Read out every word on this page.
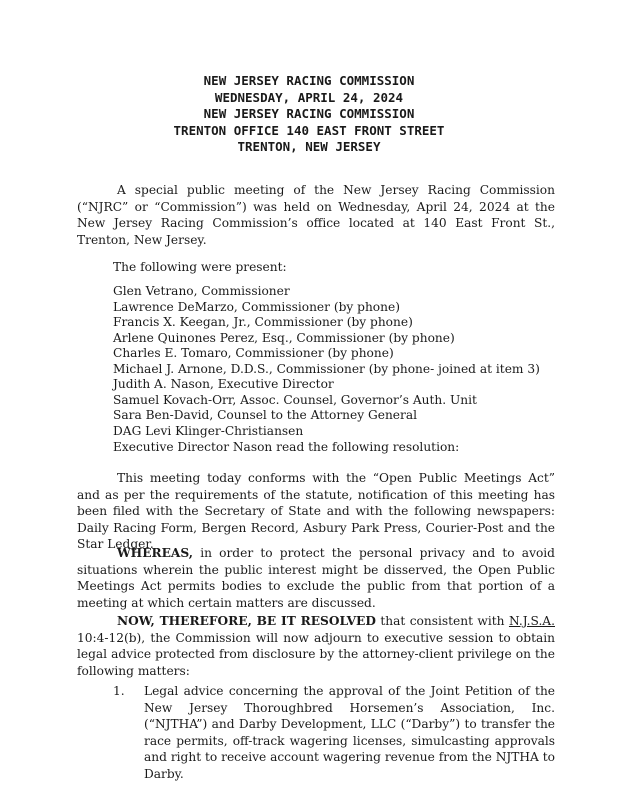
NEW JERSEY RACING COMMISSION
WEDNESDAY, APRIL 24, 2024
NEW JERSEY RACING COMMISSION
TRENTON OFFICE 140 EAST FRONT STREET
TRENTON, NEW JERSEY

A special public meeting of the New Jersey Racing Commission (“NJRC” or “Commission”) was held on Wednesday, April 24, 2024 at the New Jersey Racing Commission’s office located at 140 East Front St., Trenton, New Jersey.

The following were present:
Glen Vetrano, Commissioner
Lawrence DeMarzo, Commissioner (by phone)
Francis X. Keegan, Jr., Commissioner (by phone)
Arlene Quinones Perez, Esq., Commissioner (by phone)
Charles E. Tomaro, Commissioner (by phone)
Michael J. Arnone, D.D.S., Commissioner (by phone- joined at item 3)
Judith A. Nason, Executive Director
Samuel Kovach-Orr, Assoc. Counsel, Governor’s Auth. Unit
Sara Ben-David, Counsel to the Attorney General
DAG Levi Klinger-Christiansen
Executive Director Nason read the following resolution:

This meeting today conforms with the “Open Public Meetings Act” and as per the requirements of the statute, notification of this meeting has been filed with the Secretary of State and with the following newspapers: Daily Racing Form, Bergen Record, Asbury Park Press, Courier-Post and the Star Ledger.

WHEREAS, in order to protect the personal privacy and to avoid situations wherein the public interest might be disserved, the Open Public Meetings Act permits bodies to exclude the public from that portion of a meeting at which certain matters are discussed.

NOW, THEREFORE, BE IT RESOLVED that consistent with N.J.S.A. 10:4-12(b), the Commission will now adjourn to executive session to obtain legal advice protected from disclosure by the attorney-client privilege on the following matters:

1. Legal advice concerning the approval of the Joint Petition of the New Jersey Thoroughbred Horsemen’s Association, Inc. (“NJTHA”) and Darby Development, LLC (“Darby”) to transfer the race permits, off-track wagering licenses, simulcasting approvals and right to receive account wagering revenue from the NJTHA to Darby.
